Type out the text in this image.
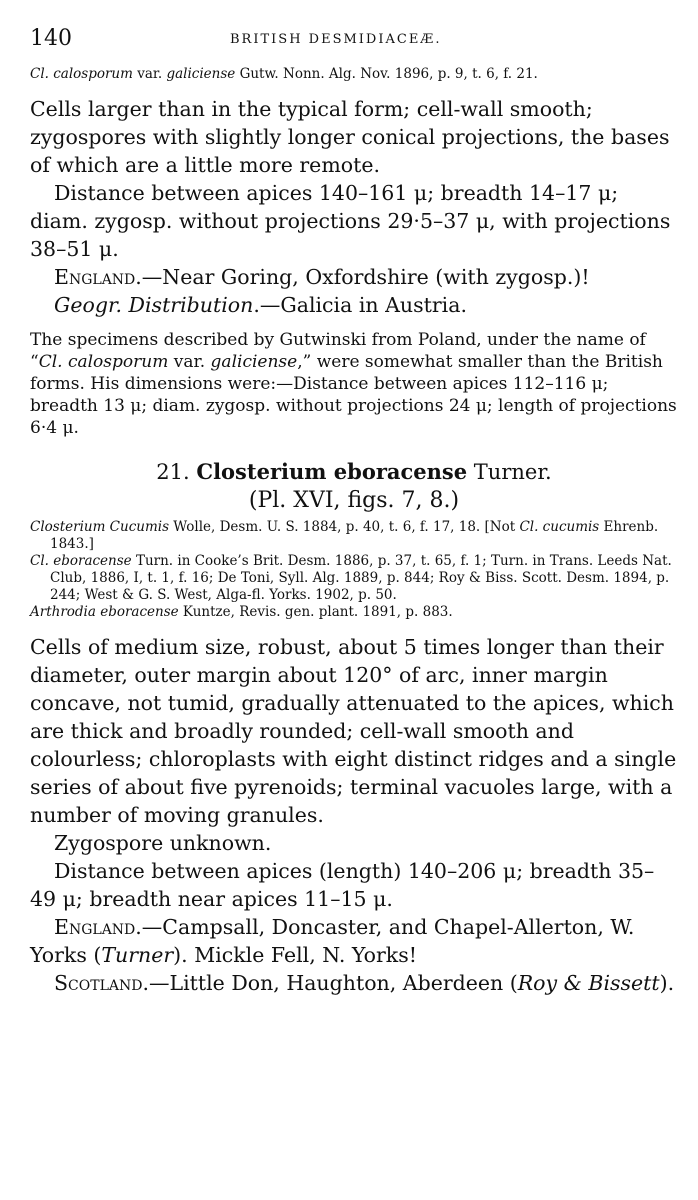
140	BRITISH DESMIDIACEÆ.

Cl. calosporum var. galiciense Gutw. Nonn. Alg. Nov. 1896, p. 9, t. 6, f. 21.

Cells larger than in the typical form; cell-wall smooth; zygospores with slightly longer conical projections, the bases of which are a little more remote.

Distance between apices 140–161 μ; breadth 14–17 μ; diam. zygosp. without projections 29·5–37 μ, with projections 38–51 μ.

England.—Near Goring, Oxfordshire (with zygosp.)!

Geogr. Distribution.—Galicia in Austria.

The specimens described by Gutwinski from Poland, under the name of “Cl. calosporum var. galiciense,” were somewhat smaller than the British forms. His dimensions were:—Distance between apices 112–116 μ; breadth 13 μ; diam. zygosp. without projections 24 μ; length of projections 6·4 μ.

21. Closterium eboracense Turner.
(Pl. XVI, figs. 7, 8.)

Closterium Cucumis Wolle, Desm. U. S. 1884, p. 40, t. 6, f. 17, 18. [Not Cl. cucumis Ehrenb. 1843.]

Cl. eboracense Turn. in Cooke’s Brit. Desm. 1886, p. 37, t. 65, f. 1; Turn. in Trans. Leeds Nat. Club, 1886, I, t. 1, f. 16; De Toni, Syll. Alg. 1889, p. 844; Roy & Biss. Scott. Desm. 1894, p. 244; West & G. S. West, Alga-fl. Yorks. 1902, p. 50.

Arthrodia eboracense Kuntze, Revis. gen. plant. 1891, p. 883.

Cells of medium size, robust, about 5 times longer than their diameter, outer margin about 120° of arc, inner margin concave, not tumid, gradually attenuated to the apices, which are thick and broadly rounded; cell-wall smooth and colourless; chloroplasts with eight distinct ridges and a single series of about five pyrenoids; terminal vacuoles large, with a number of moving granules.

Zygospore unknown.

Distance between apices (length) 140–206 μ; breadth 35–49 μ; breadth near apices 11–15 μ.

England.—Campsall, Doncaster, and Chapel-Allerton, W. Yorks (Turner). Mickle Fell, N. Yorks!

Scotland.—Little Don, Haughton, Aberdeen (Roy & Bissett).
